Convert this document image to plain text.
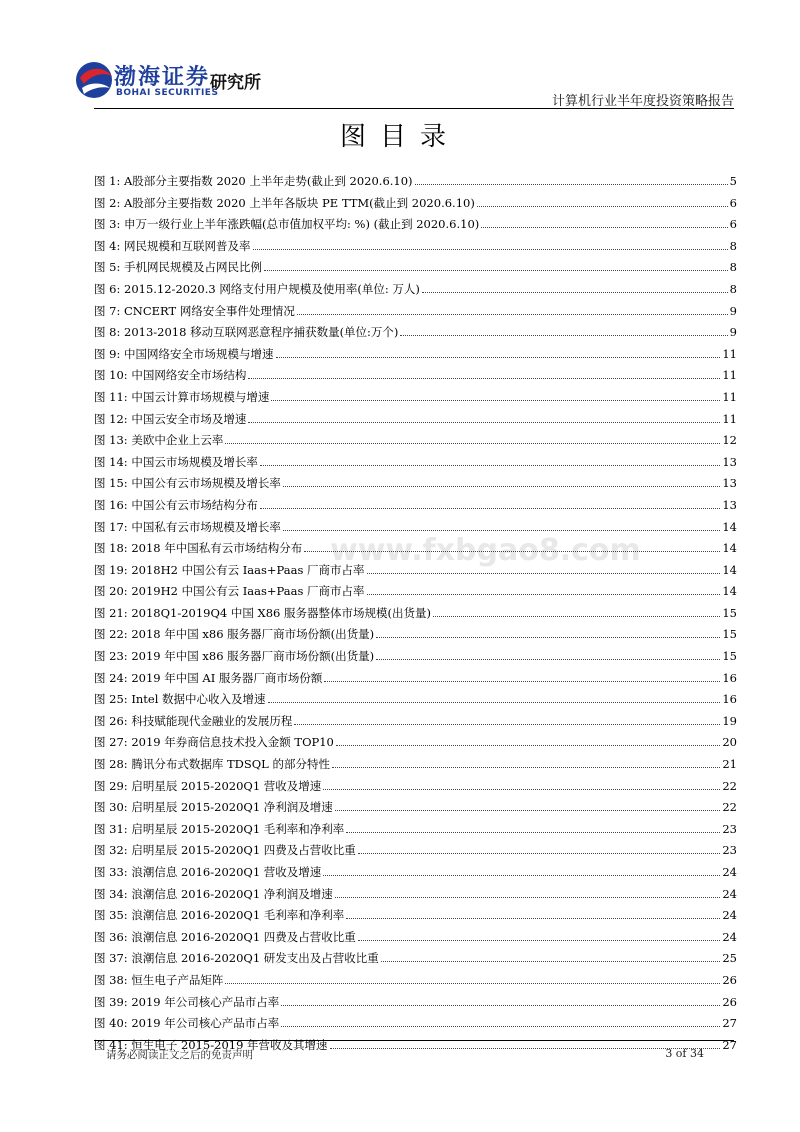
渤海证券
BOHAI SECURITIES
研究所
计算机行业半年度投资策略报告
图目录
www.fxbgao8.com
图 1: A股部分主要指数 2020 上半年走势(截止到 2020.6.10)	5
图 2: A股部分主要指数 2020 上半年各版块 PE TTM(截止到 2020.6.10)	6
图 3: 申万一级行业上半年涨跌幅(总市值加权平均: %) (截止到 2020.6.10)	6
图 4: 网民规模和互联网普及率	8
图 5: 手机网民规模及占网民比例	8
图 6: 2015.12-2020.3 网络支付用户规模及使用率(单位: 万人)	8
图 7: CNCERT 网络安全事件处理情况	9
图 8: 2013-2018 移动互联网恶意程序捕获数量(单位:万个)	9
图 9: 中国网络安全市场规模与增速	11
图 10: 中国网络安全市场结构	11
图 11: 中国云计算市场规模与增速	11
图 12: 中国云安全市场及增速	11
图 13: 美欧中企业上云率	12
图 14: 中国云市场规模及增长率	13
图 15: 中国公有云市场规模及增长率	13
图 16: 中国公有云市场结构分布	13
图 17: 中国私有云市场规模及增长率	14
图 18: 2018 年中国私有云市场结构分布	14
图 19: 2018H2 中国公有云 Iaas+Paas 厂商市占率	14
图 20: 2019H2 中国公有云 Iaas+Paas 厂商市占率	14
图 21: 2018Q1-2019Q4 中国 X86 服务器整体市场规模(出货量)	15
图 22: 2018 年中国 x86 服务器厂商市场份额(出货量)	15
图 23: 2019 年中国 x86 服务器厂商市场份额(出货量)	15
图 24: 2019 年中国 AI 服务器厂商市场份额	16
图 25: Intel 数据中心收入及增速	16
图 26: 科技赋能现代金融业的发展历程	19
图 27: 2019 年券商信息技术投入金额 TOP10	20
图 28: 腾讯分布式数据库 TDSQL 的部分特性	21
图 29: 启明星辰 2015-2020Q1 营收及增速	22
图 30: 启明星辰 2015-2020Q1 净利润及增速	22
图 31: 启明星辰 2015-2020Q1 毛利率和净利率	23
图 32: 启明星辰 2015-2020Q1 四费及占营收比重	23
图 33: 浪潮信息 2016-2020Q1 营收及增速	24
图 34: 浪潮信息 2016-2020Q1 净利润及增速	24
图 35: 浪潮信息 2016-2020Q1 毛利率和净利率	24
图 36: 浪潮信息 2016-2020Q1 四费及占营收比重	24
图 37: 浪潮信息 2016-2020Q1 研发支出及占营收比重	25
图 38: 恒生电子产品矩阵	26
图 39: 2019 年公司核心产品市占率	26
图 40: 2019 年公司核心产品市占率	27
图 41: 恒生电子 2015-2019 年营收及其增速	27
请务必阅读正文之后的免责声明	3 of 34
